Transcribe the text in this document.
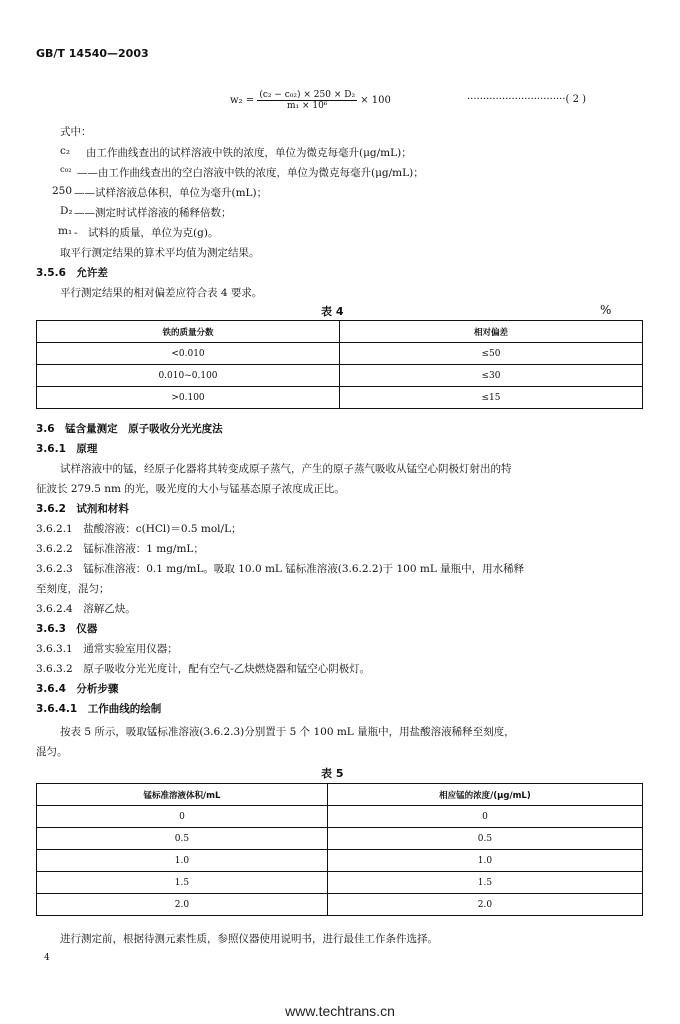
GB/T 14540—2003
$w_2 = \frac{\text{(c₂ − c₀₂) × 250 × D₂}}{\text{m₁ × 10⁶}} \times 100$	·······························( 2 )
式中：
c₂ 由工作曲线查出的试样溶液中铁的浓度，单位为微克每毫升(μg/mL)；
c₀₂ ——由工作曲线查出的空白溶液中铁的浓度，单位为微克每毫升(μg/mL)；
250 ——试样溶液总体积，单位为毫升(mL)；
D₂ ——测定时试样溶液的稀释倍数；
m₁ -　试料的质量，单位为克(g)。
取平行测定结果的算术平均值为测定结果。
3.5.6　允许差
平行测定结果的相对偏差应符合表 4 要求。
表 4	%
铁的质量分数	相对偏差
<0.010	≤50
0.010~0.100	≤30
>0.100	≤15
3.6　锰含量测定　原子吸收分光光度法
3.6.1　原理
试样溶液中的锰，经原子化器将其转变成原子蒸气，产生的原子蒸气吸收从锰空心阴极灯射出的特
征波长 279.5 nm 的光，吸光度的大小与锰基态原子浓度成正比。
3.6.2　试剂和材料
3.6.2.1　盐酸溶液：c(HCl)＝0.5 mol/L；
3.6.2.2　锰标准溶液：1 mg/mL；
3.6.2.3　锰标准溶液：0.1 mg/mL。吸取 10.0 mL 锰标准溶液(3.6.2.2)于 100 mL 量瓶中，用水稀释
至刻度，混匀；
3.6.2.4　溶解乙炔。
3.6.3　仪器
3.6.3.1　通常实验室用仪器；
3.6.3.2　原子吸收分光光度计，配有空气-乙炔燃烧器和锰空心阴极灯。
3.6.4　分析步骤
3.6.4.1　工作曲线的绘制
按表 5 所示，吸取锰标准溶液(3.6.2.3)分别置于 5 个 100 mL 量瓶中，用盐酸溶液稀释至刻度，
混匀。
表 5
锰标准溶液体积/mL	相应锰的浓度/(μg/mL)
0	0
0.5	0.5
1.0	1.0
1.5	1.5
2.0	2.0
进行测定前，根据待测元素性质，参照仪器使用说明书，进行最佳工作条件选择。
4
www.techtrans.cn
